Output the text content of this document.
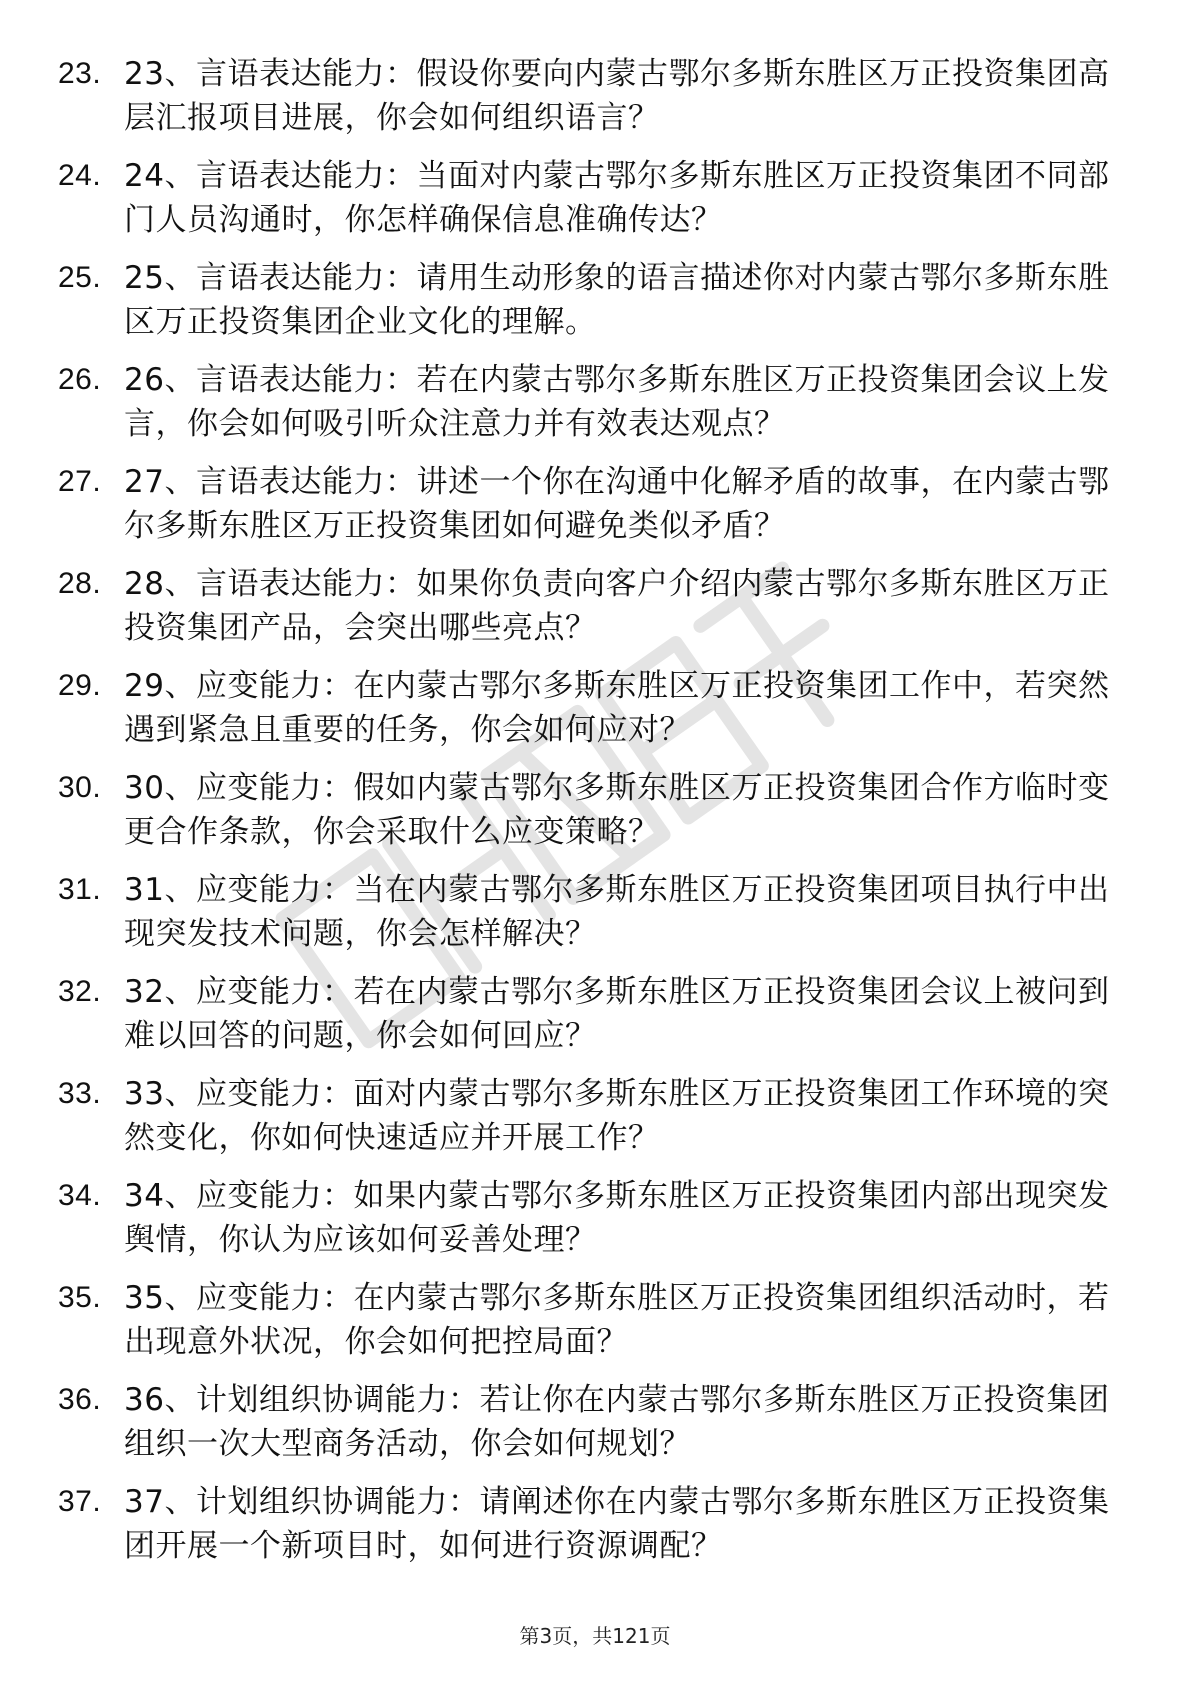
23. 23、言语表达能力：假设你要向内蒙古鄂尔多斯东胜区万正投资集团高层汇报项目进展，你会如何组织语言？
24. 24、言语表达能力：当面对内蒙古鄂尔多斯东胜区万正投资集团不同部门人员沟通时，你怎样确保信息准确传达？
25. 25、言语表达能力：请用生动形象的语言描述你对内蒙古鄂尔多斯东胜区万正投资集团企业文化的理解。
26. 26、言语表达能力：若在内蒙古鄂尔多斯东胜区万正投资集团会议上发言，你会如何吸引听众注意力并有效表达观点？
27. 27、言语表达能力：讲述一个你在沟通中化解矛盾的故事，在内蒙古鄂尔多斯东胜区万正投资集团如何避免类似矛盾？
28. 28、言语表达能力：如果你负责向客户介绍内蒙古鄂尔多斯东胜区万正投资集团产品，会突出哪些亮点？
29. 29、应变能力：在内蒙古鄂尔多斯东胜区万正投资集团工作中，若突然遇到紧急且重要的任务，你会如何应对？
30. 30、应变能力：假如内蒙古鄂尔多斯东胜区万正投资集团合作方临时变更合作条款，你会采取什么应变策略？
31. 31、应变能力：当在内蒙古鄂尔多斯东胜区万正投资集团项目执行中出现突发技术问题，你会怎样解决？
32. 32、应变能力：若在内蒙古鄂尔多斯东胜区万正投资集团会议上被问到难以回答的问题，你会如何回应？
33. 33、应变能力：面对内蒙古鄂尔多斯东胜区万正投资集团工作环境的突然变化，你如何快速适应并开展工作？
34. 34、应变能力：如果内蒙古鄂尔多斯东胜区万正投资集团内部出现突发舆情，你认为应该如何妥善处理？
35. 35、应变能力：在内蒙古鄂尔多斯东胜区万正投资集团组织活动时，若出现意外状况，你会如何把控局面？
36. 36、计划组织协调能力：若让你在内蒙古鄂尔多斯东胜区万正投资集团组织一次大型商务活动，你会如何规划？
37. 37、计划组织协调能力：请阐述你在内蒙古鄂尔多斯东胜区万正投资集团开展一个新项目时，如何进行资源调配？
第3页，共121页
